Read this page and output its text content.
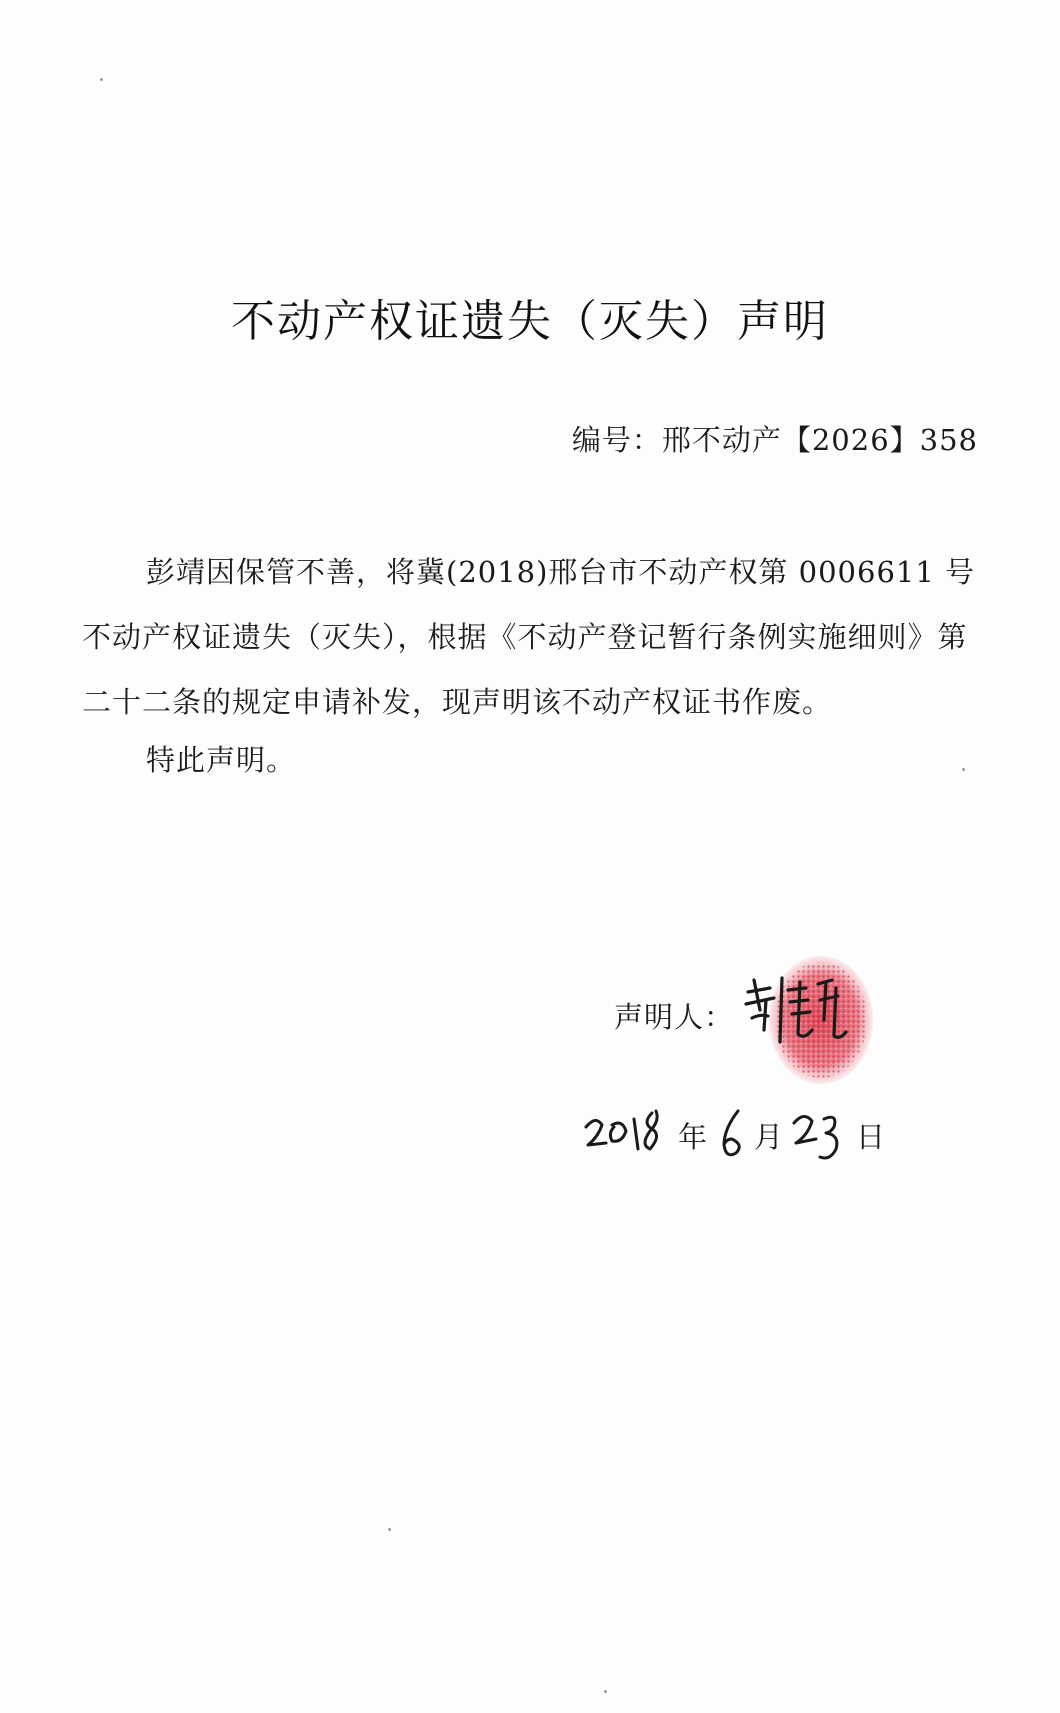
不动产权证遗失（灭失）声明
编号：邢不动产【2026】358

彭靖因保管不善，将冀(2018)邢台市不动产权第 0006611 号不动产权证遗失（灭失），根据《不动产登记暂行条例实施细则》第二十二条的规定申请补发，现声明该不动产权证书作废。

特此声明。
声明人：
年 月	日
